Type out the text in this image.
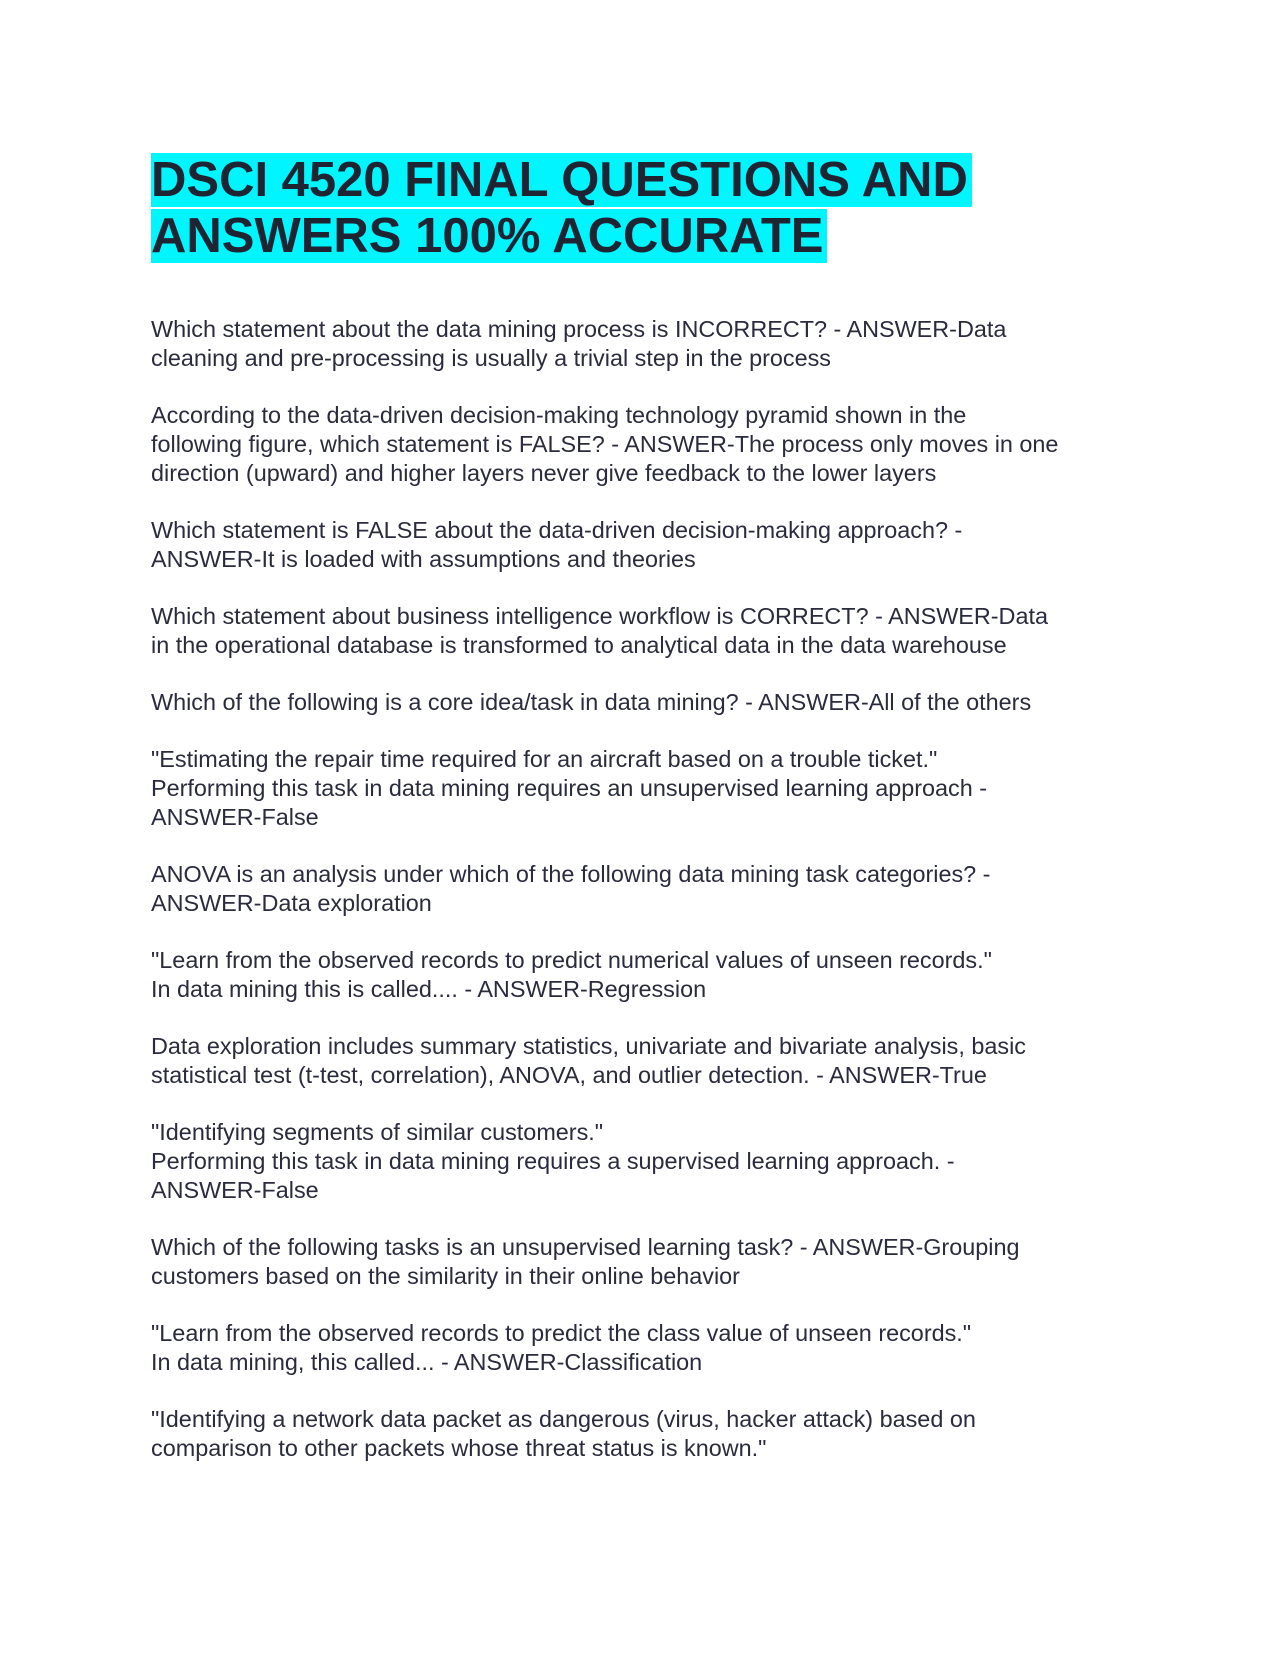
DSCI 4520 FINAL QUESTIONS AND
ANSWERS 100% ACCURATE
Which statement about the data mining process is INCORRECT? - ANSWER-Data
cleaning and pre-processing is usually a trivial step in the process
According to the data-driven decision-making technology pyramid shown in the
following figure, which statement is FALSE? - ANSWER-The process only moves in one
direction (upward) and higher layers never give feedback to the lower layers
Which statement is FALSE about the data-driven decision-making approach? -
ANSWER-It is loaded with assumptions and theories
Which statement about business intelligence workflow is CORRECT? - ANSWER-Data
in the operational database is transformed to analytical data in the data warehouse
Which of the following is a core idea/task in data mining? - ANSWER-All of the others
"Estimating the repair time required for an aircraft based on a trouble ticket."
Performing this task in data mining requires an unsupervised learning approach -
ANSWER-False
ANOVA is an analysis under which of the following data mining task categories? -
ANSWER-Data exploration
"Learn from the observed records to predict numerical values of unseen records."
In data mining this is called.... - ANSWER-Regression
Data exploration includes summary statistics, univariate and bivariate analysis, basic
statistical test (t-test, correlation), ANOVA, and outlier detection. - ANSWER-True
"Identifying segments of similar customers."
Performing this task in data mining requires a supervised learning approach. -
ANSWER-False
Which of the following tasks is an unsupervised learning task? - ANSWER-Grouping
customers based on the similarity in their online behavior
"Learn from the observed records to predict the class value of unseen records."
In data mining, this called... - ANSWER-Classification
"Identifying a network data packet as dangerous (virus, hacker attack) based on
comparison to other packets whose threat status is known."
